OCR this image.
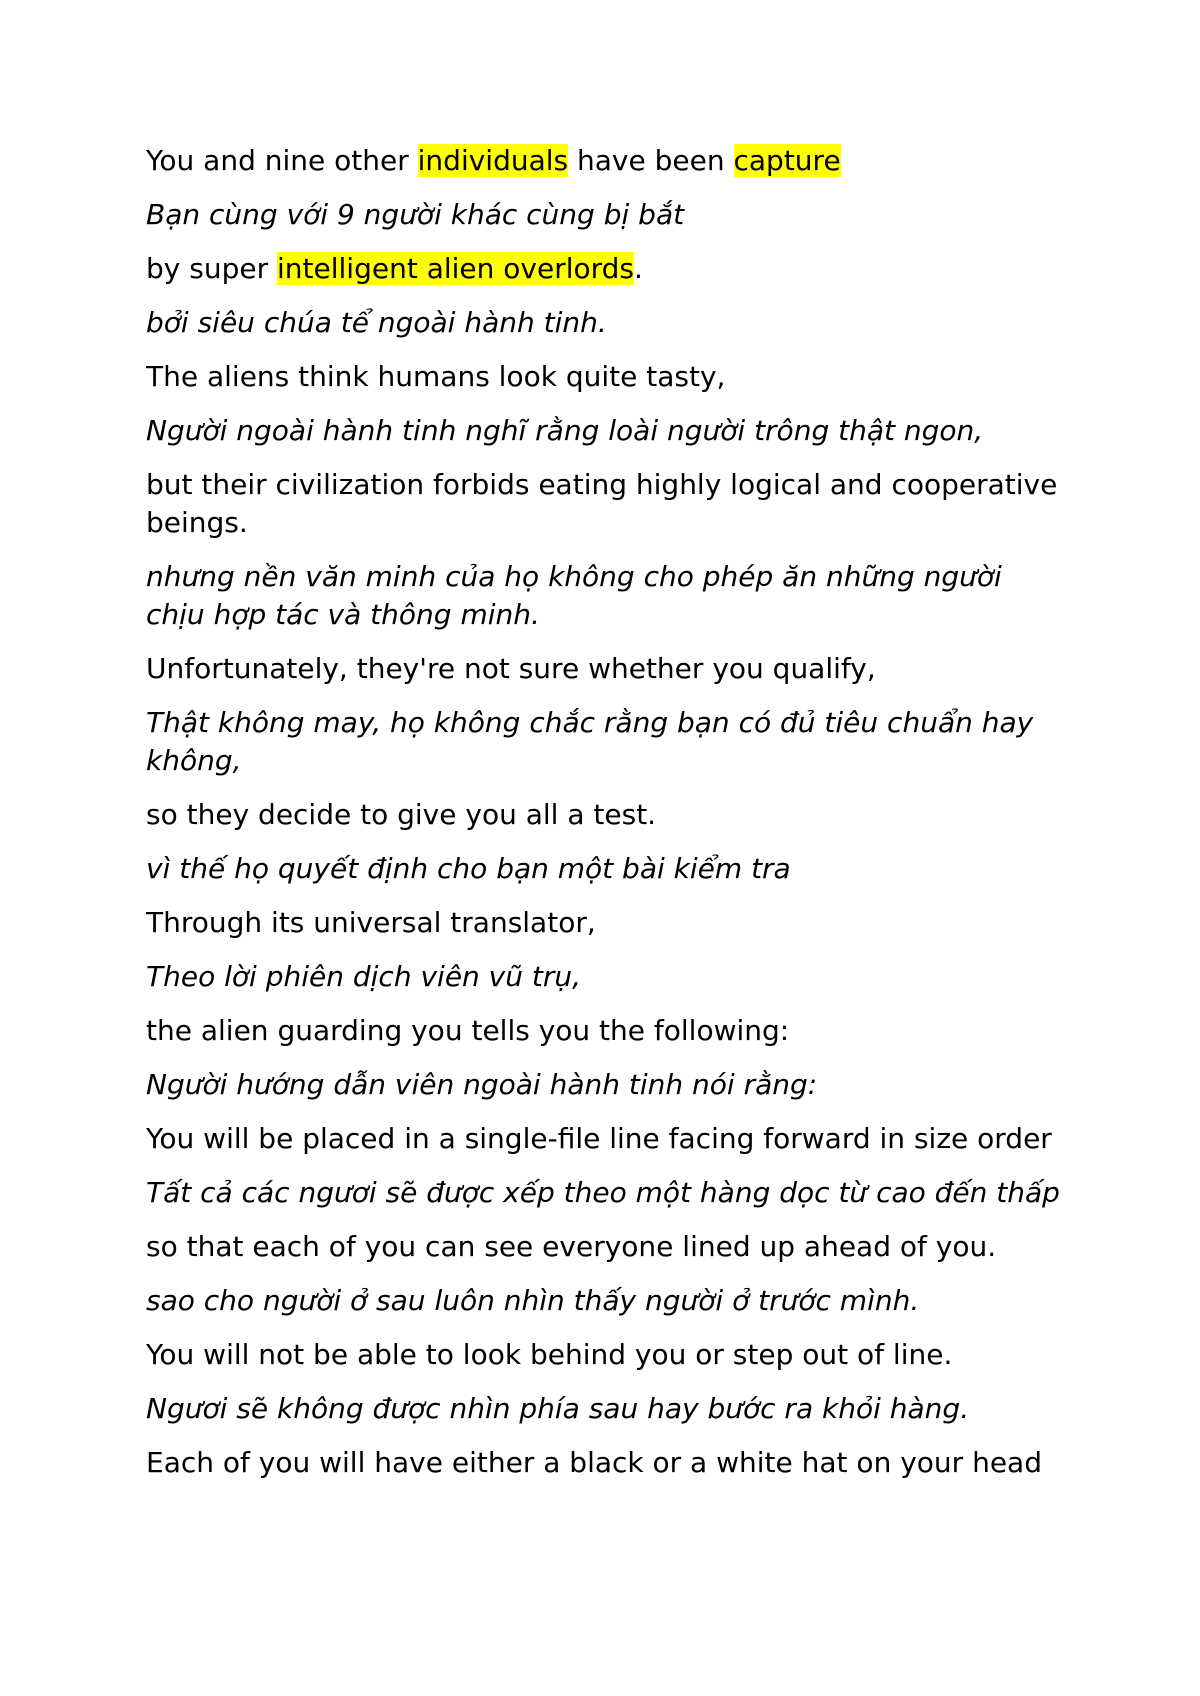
You and nine other individuals have been capture

Bạn cùng với 9 người khác cùng bị bắt

by super intelligent alien overlords.

bởi siêu chúa tể ngoài hành tinh.

The aliens think humans look quite tasty,

Người ngoài hành tinh nghĩ rằng loài người trông thật ngon,

but their civilization forbids eating highly logical and cooperative beings.

nhưng nền văn minh của họ không cho phép ăn những người chịu hợp tác và thông minh.

Unfortunately, they're not sure whether you qualify,

Thật không may, họ không chắc rằng bạn có đủ tiêu chuẩn hay không,

so they decide to give you all a test.

vì thế họ quyết định cho bạn một bài kiểm tra

Through its universal translator,

Theo lời phiên dịch viên vũ trụ,

the alien guarding you tells you the following:

Người hướng dẫn viên ngoài hành tinh nói rằng:

You will be placed in a single-file line facing forward in size order

Tất cả các ngươi sẽ được xếp theo một hàng dọc từ cao đến thấp

so that each of you can see everyone lined up ahead of you.

sao cho người ở sau luôn nhìn thấy người ở trước mình.

You will not be able to look behind you or step out of line.

Ngươi sẽ không được nhìn phía sau hay bước ra khỏi hàng.

Each of you will have either a black or a white hat on your head
